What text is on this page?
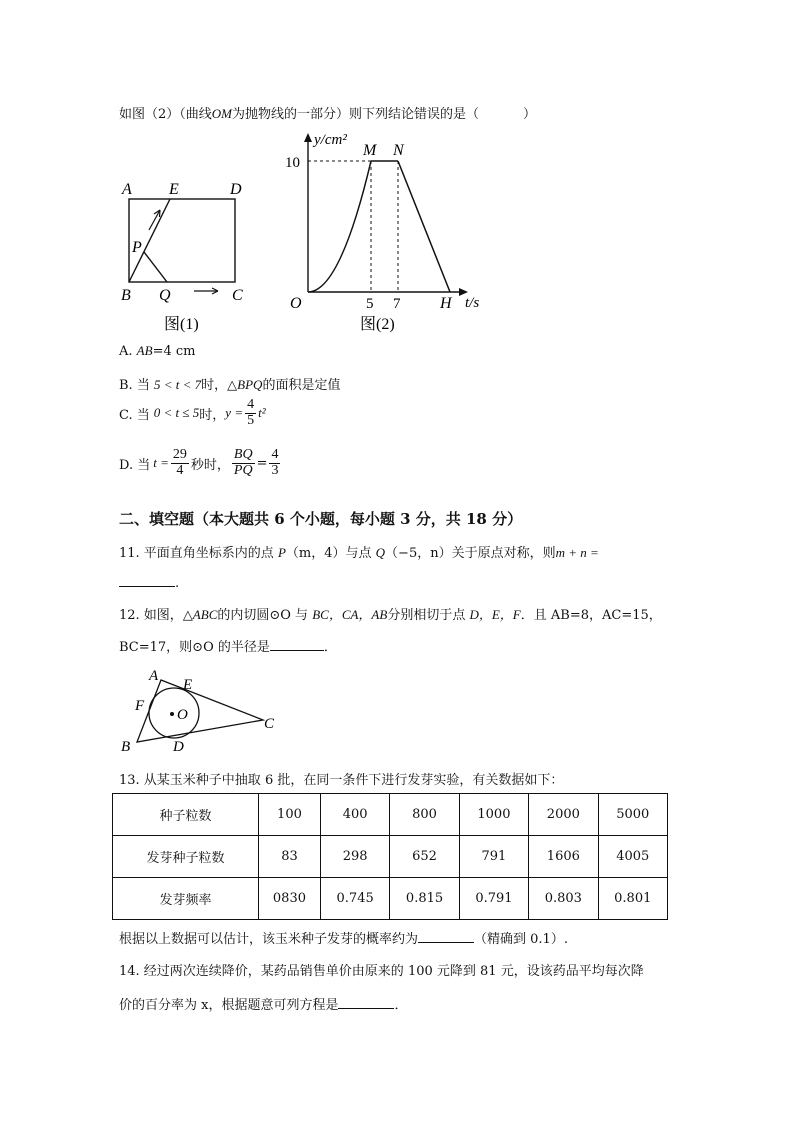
如图（2）（曲线OM为抛物线的一部分）则下列结论错误的是（	）
A E	D
P
B Q	C
图(1)
y/cm²
10
M N
O	5 7 H t/s
图(2)
A. AB=4 cm
B. 当 5 < t < 7时，△BPQ的面积是定值
C. 当 0 < t ≤ 5 时， $y = \frac{4}{5} t^2$
D. 当 $t = \frac{29}{4}$ 秒时， $\frac{BQ}{PQ} = \frac{4}{3}$
二、填空题（本大题共 6 个小题，每小题 3 分，共 18 分）
11. 平面直角坐标系内的点 P（m，4）与点 Q（−5，n）关于原点对称，则m + n =
.
12. 如图，△ABC的内切圆⊙O 与 BC，CA，AB分别相切于点 D，E，F．且 AB=8，AC=15，
BC=17，则⊙O 的半径是	．
A
E
F
O
C
B	D
13. 从某玉米种子中抽取 6 批，在同一条件下进行发芽实验，有关数据如下：
种子粒数	100	400	800	1000	2000	5000
发芽种子粒数	83	298	652	791	1606	4005
发芽频率	0830	0.745	0.815	0.791	0.803	0.801
根据以上数据可以估计，该玉米种子发芽的概率约为	（精确到 0.1）.
14. 经过两次连续降价，某药品销售单价由原来的 100 元降到 81 元，设该药品平均每次降
价的百分率为 x，根据题意可列方程是	．
